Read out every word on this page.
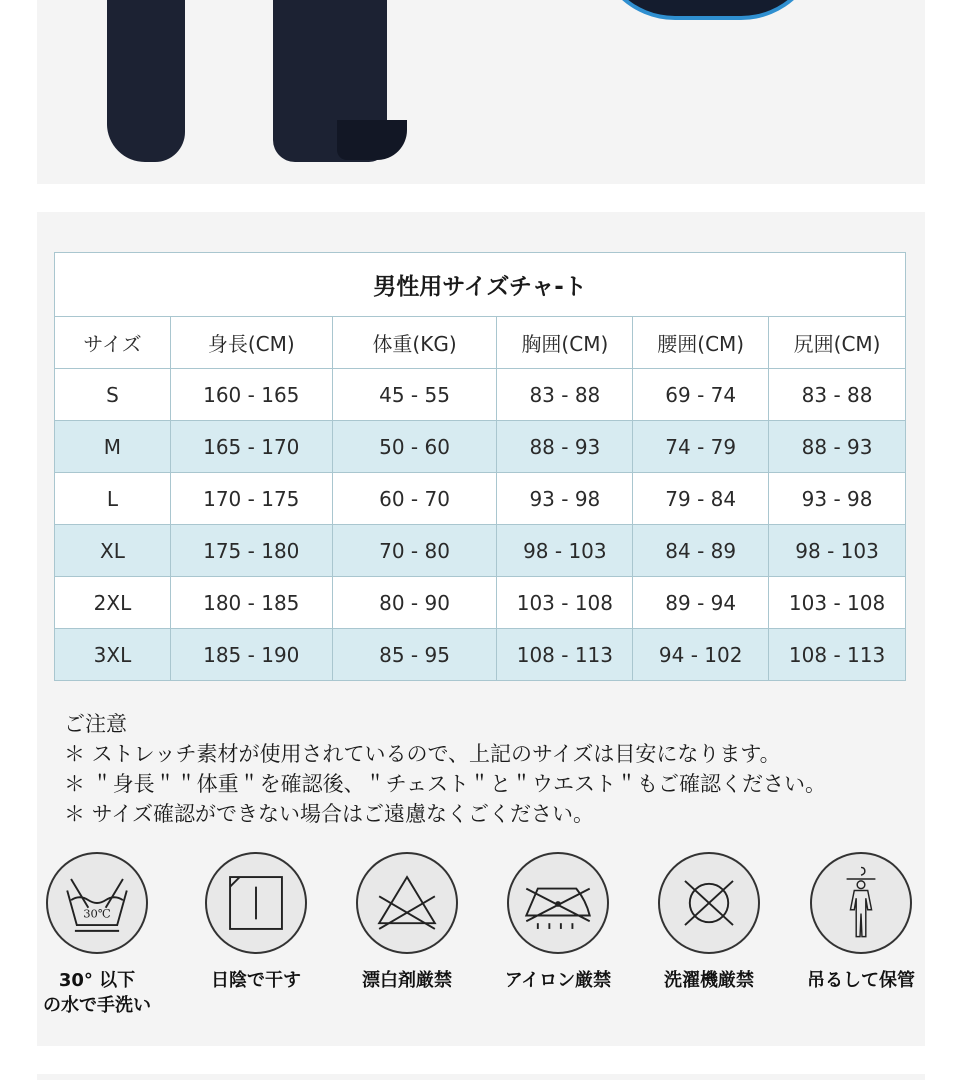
男性用サイズチャ-ト					
サイズ	身長(CM)	体重(KG)	胸囲(CM)	腰囲(CM)	尻囲(CM)
S	160 - 165	45 - 55	83 - 88	69 - 74	83 - 88
M	165 - 170	50 - 60	88 - 93	74 - 79	88 - 93
L	170 - 175	60 - 70	93 - 98	79 - 84	93 - 98
XL	175 - 180	70 - 80	98 - 103	84 - 89	98 - 103
2XL	180 - 185	80 - 90	103 - 108	89 - 94	103 - 108
3XL	185 - 190	85 - 95	108 - 113	94 - 102	108 - 113
ご注意
＊ ストレッチ素材が使用されているので、上記のサイズは目安になります。
＊ ＂身長＂＂体重＂を確認後、＂チェスト＂と＂ウエスト＂もご確認ください。
＊ サイズ確認ができない場合はご遠慮なくごください。
30℃
30° 以下
の水で手洗い
日陰で干す	漂白剤厳禁	アイロン厳禁	洗濯機厳禁	吊るして保管
